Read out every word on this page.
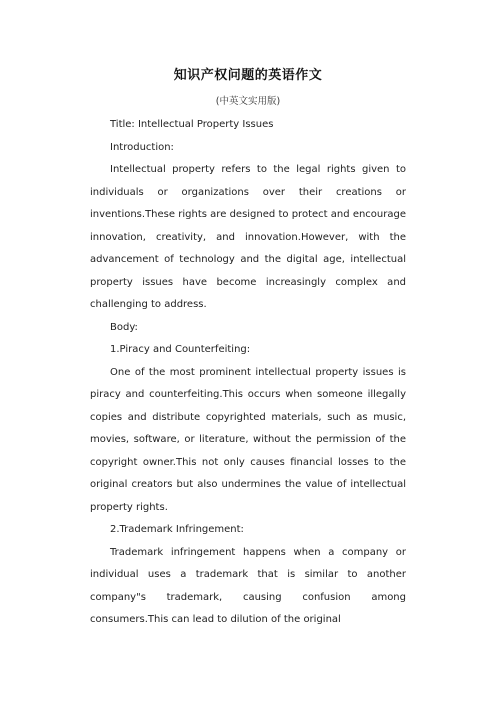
知识产权问题的英语作文
(中英文实用版)

Title: Intellectual Property Issues

Introduction:

Intellectual property refers to the legal rights given to individuals or organizations over their creations or inventions.These rights are designed to protect and encourage innovation, creativity, and innovation.However, with the advancement of technology and the digital age, intellectual property issues have become increasingly complex and challenging to address.

Body:

1.Piracy and Counterfeiting:

One of the most prominent intellectual property issues is piracy and counterfeiting.This occurs when someone illegally copies and distribute copyrighted materials, such as music, movies, software, or literature, without the permission of the copyright owner.This not only causes financial losses to the original creators but also undermines the value of intellectual property rights.

2.Trademark Infringement:

Trademark infringement happens when a company or individual uses a trademark that is similar to another company"s trademark, causing confusion among consumers.This can lead to dilution of the original
